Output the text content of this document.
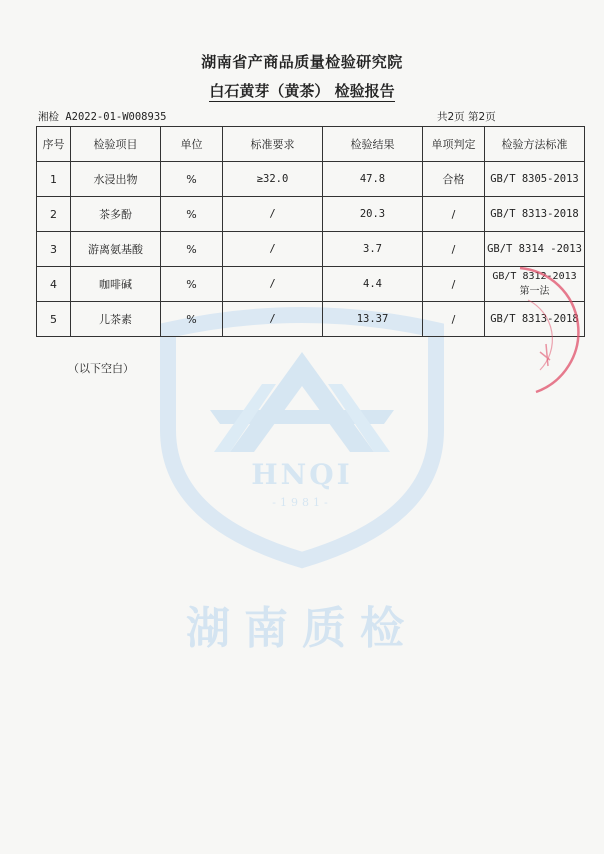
HNQI
-1981-
湖南质检
湖南省产商品质量检验研究院
白石黄芽（黄茶） 检验报告
湘检 A2022-01-W008935	共2页 第2页
序号	检验项目	单位	标准要求	检验结果	单项判定	检验方法标准
1	水浸出物	%	≥32.0	47.8	合格	GB/T 8305-2013
2	茶多酚	%	/	20.3	/	GB/T 8313-2018
3	游离氨基酸	%	/	3.7	/	GB/T 8314 -2013
4	咖啡碱	%	/	4.4	/	GB/T 8312-2013 第一法
5	儿茶素	%	/	13.37	/	GB/T 8313-2018
（以下空白）
